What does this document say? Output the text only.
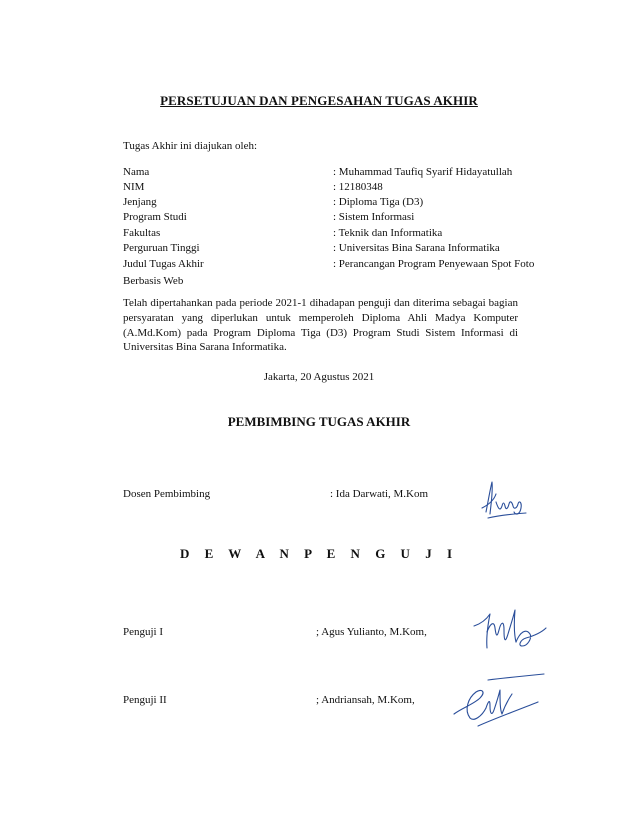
PERSETUJUAN DAN PENGESAHAN TUGAS AKHIR
Tugas Akhir ini diajukan oleh:
Nama	: Muhammad Taufiq Syarif Hidayatullah
NIM	: 12180348
Jenjang	: Diploma Tiga (D3)
Program Studi	: Sistem Informasi
Fakultas	: Teknik dan Informatika
Perguruan Tinggi	: Universitas Bina Sarana Informatika
Judul Tugas Akhir	: Perancangan Program Penyewaan Spot Foto
Berbasis Web
Telah dipertahankan pada periode 2021-1 dihadapan penguji dan diterima sebagai bagian persyaratan yang diperlukan untuk memperoleh Diploma Ahli Madya Komputer (A.Md.Kom) pada Program Diploma Tiga (D3) Program Studi Sistem Informasi di Universitas Bina Sarana Informatika.
Jakarta, 20 Agustus 2021
PEMBIMBING TUGAS AKHIR
Dosen Pembimbing	: Ida Darwati, M.Kom
D E W A N P E N G U J I
Penguji I	; Agus Yulianto, M.Kom,
Penguji II	; Andriansah, M.Kom,
